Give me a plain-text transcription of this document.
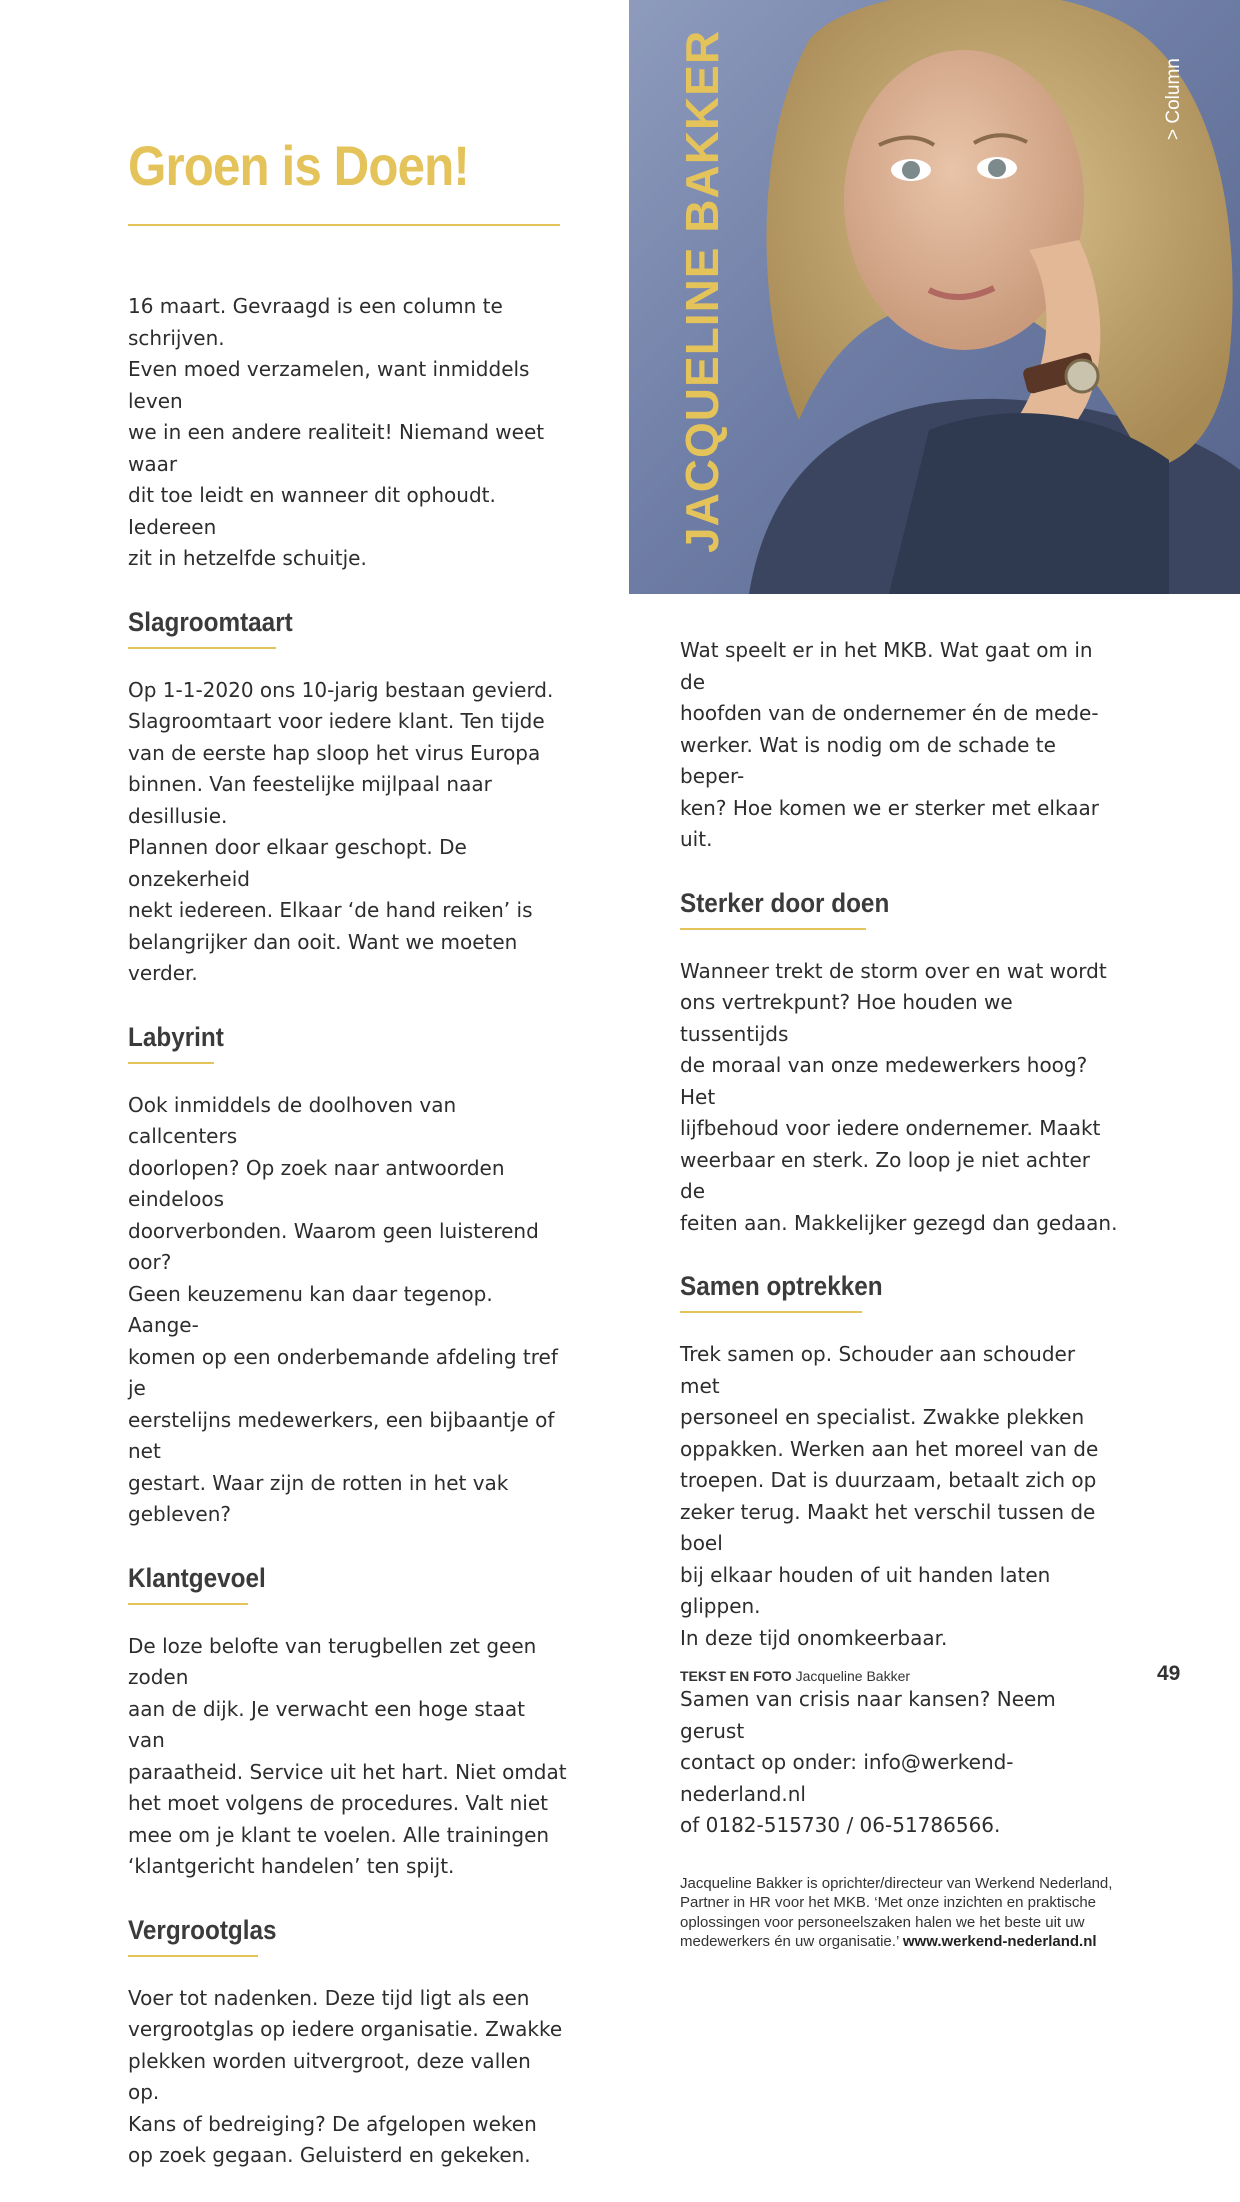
Groen is Doen!

16 maart. Gevraagd is een column te schrijven.
Even moed verzamelen, want inmiddels leven
we in een andere realiteit! Niemand weet waar
dit toe leidt en wanneer dit ophoudt. Iedereen
zit in hetzelfde schuitje.

Slagroomtaart

Op 1-1-2020 ons 10-jarig bestaan gevierd.
Slagroomtaart voor iedere klant. Ten tijde
van de eerste hap sloop het virus Europa
binnen. Van feestelijke mijlpaal naar desillusie.
Plannen door elkaar geschopt. De onzekerheid
nekt iedereen. Elkaar ‘de hand reiken’ is
belangrijker dan ooit. Want we moeten verder.

Labyrint

Ook inmiddels de doolhoven van callcenters
doorlopen? Op zoek naar antwoorden eindeloos
doorverbonden. Waarom geen luisterend oor?
Geen keuzemenu kan daar tegenop. Aange-
komen op een onderbemande afdeling tref je
eerstelijns medewerkers, een bijbaantje of net
gestart. Waar zijn de rotten in het vak gebleven?

Klantgevoel

De loze belofte van terugbellen zet geen zoden
aan de dijk. Je verwacht een hoge staat van
paraatheid. Service uit het hart. Niet omdat
het moet volgens de procedures. Valt niet
mee om je klant te voelen. Alle trainingen
‘klantgericht handelen’ ten spijt.

Vergrootglas

Voer tot nadenken. Deze tijd ligt als een
vergrootglas op iedere organisatie. Zwakke
plekken worden uitvergroot, deze vallen op.
Kans of bedreiging? De afgelopen weken
op zoek gegaan. Geluisterd en gekeken.

JACQUELINE BAKKER	> Column

Wat speelt er in het MKB. Wat gaat om in de
hoofden van de ondernemer én de mede-
werker. Wat is nodig om de schade te beper-
ken? Hoe komen we er sterker met elkaar uit.

Sterker door doen

Wanneer trekt de storm over en wat wordt
ons vertrekpunt? Hoe houden we tussentijds
de moraal van onze medewerkers hoog? Het
lijfbehoud voor iedere ondernemer. Maakt
weerbaar en sterk. Zo loop je niet achter de
feiten aan. Makkelijker gezegd dan gedaan.

Samen optrekken

Trek samen op. Schouder aan schouder met
personeel en specialist. Zwakke plekken
oppakken. Werken aan het moreel van de
troepen. Dat is duurzaam, betaalt zich op
zeker terug. Maakt het verschil tussen de boel
bij elkaar houden of uit handen laten glippen.
In deze tijd onomkeerbaar.

Samen van crisis naar kansen? Neem gerust
contact op onder: info@werkend-nederland.nl
of 0182-515730 / 06-51786566.

Jacqueline Bakker is oprichter/directeur van Werkend Nederland, Partner in HR voor het MKB. ‘Met onze inzichten en praktische oplossingen voor personeelszaken halen we het beste uit uw medewerkers én uw organisatie.’ www.werkend-nederland.nl

TEKST EN FOTO Jacqueline Bakker	49
